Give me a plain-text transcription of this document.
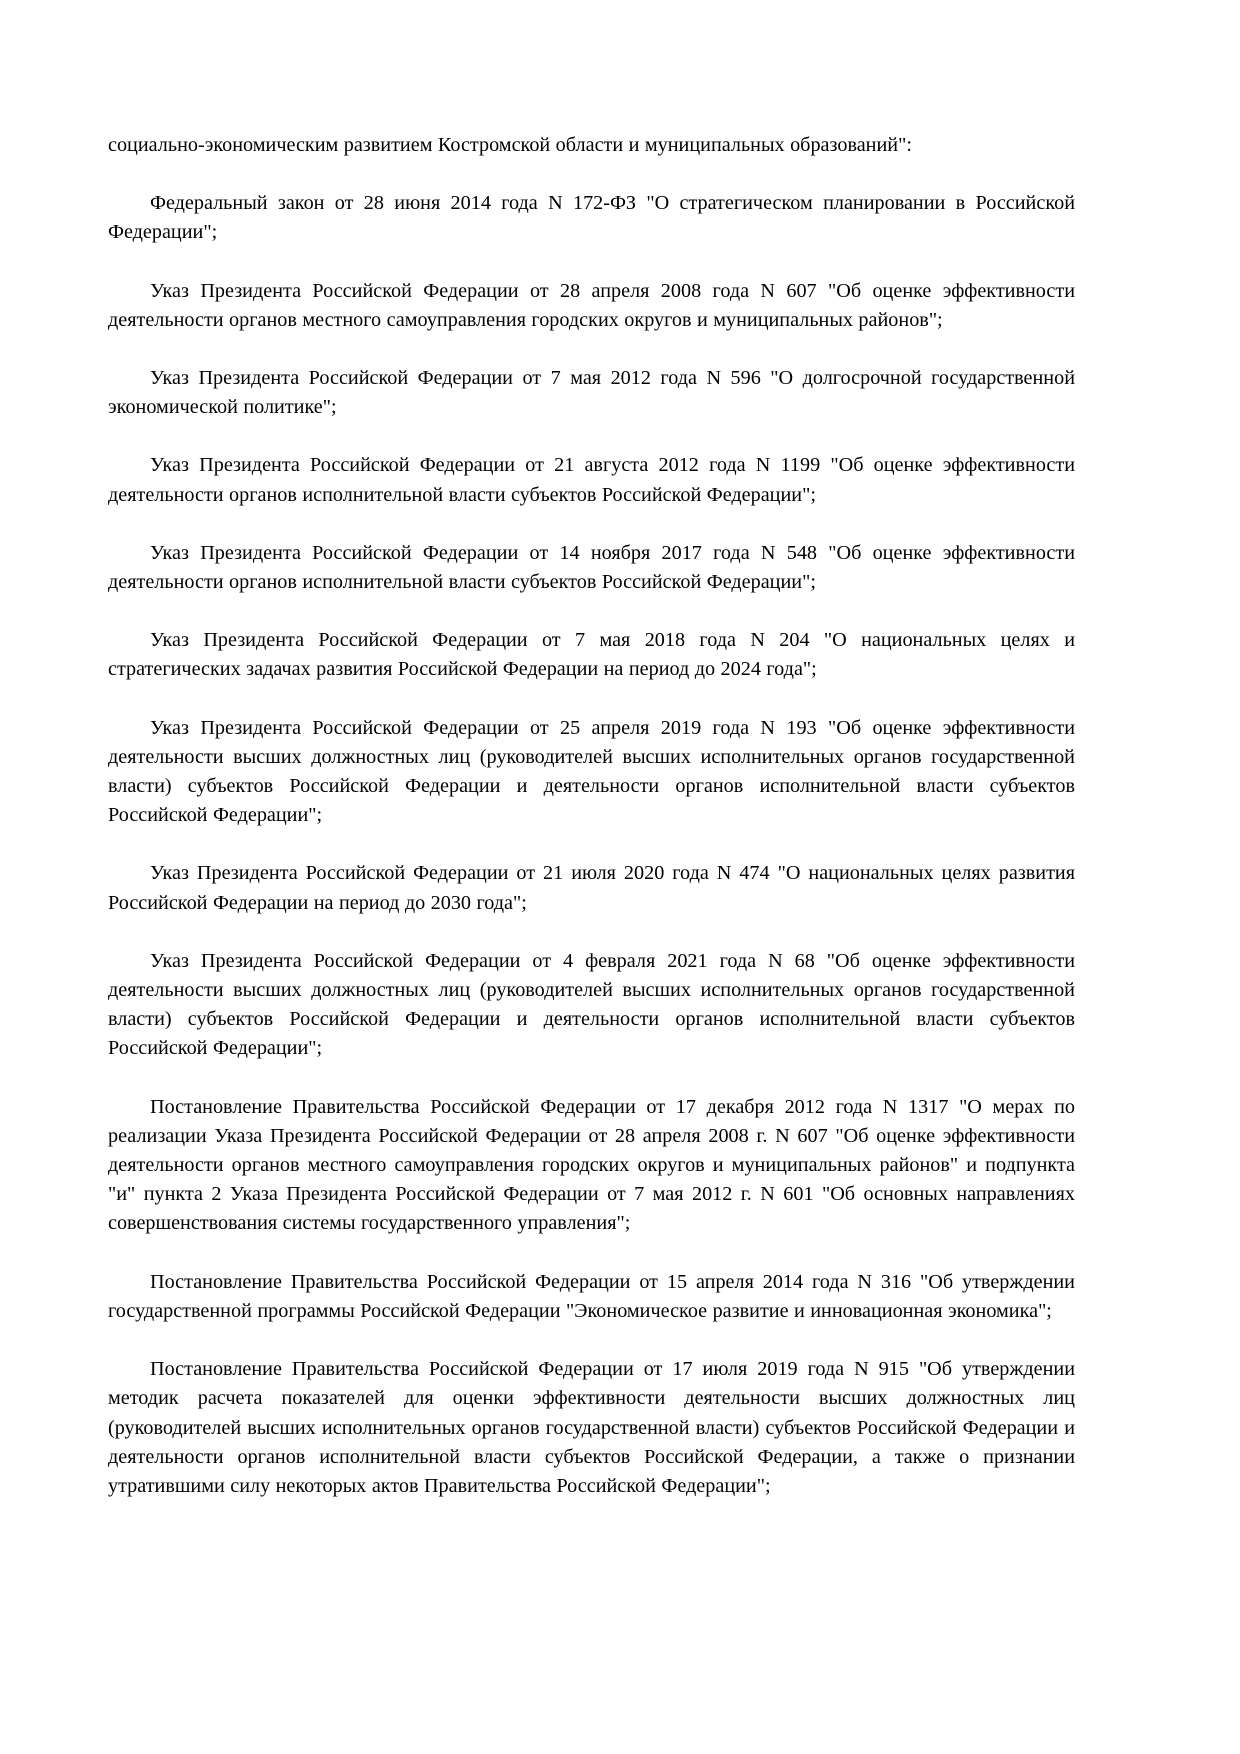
социально-экономическим развитием Костромской области и муниципальных образований":

Федеральный закон от 28 июня 2014 года N 172-ФЗ "О стратегическом планировании в Российской Федерации";

Указ Президента Российской Федерации от 28 апреля 2008 года N 607 "Об оценке эффективности деятельности органов местного самоуправления городских округов и муниципальных районов";

Указ Президента Российской Федерации от 7 мая 2012 года N 596 "О долгосрочной государственной экономической политике";

Указ Президента Российской Федерации от 21 августа 2012 года N 1199 "Об оценке эффективности деятельности органов исполнительной власти субъектов Российской Федерации";

Указ Президента Российской Федерации от 14 ноября 2017 года N 548 "Об оценке эффективности деятельности органов исполнительной власти субъектов Российской Федерации";

Указ Президента Российской Федерации от 7 мая 2018 года N 204 "О национальных целях и стратегических задачах развития Российской Федерации на период до 2024 года";

Указ Президента Российской Федерации от 25 апреля 2019 года N 193 "Об оценке эффективности деятельности высших должностных лиц (руководителей высших исполнительных органов государственной власти) субъектов Российской Федерации и деятельности органов исполнительной власти субъектов Российской Федерации";

Указ Президента Российской Федерации от 21 июля 2020 года N 474 "О национальных целях развития Российской Федерации на период до 2030 года";

Указ Президента Российской Федерации от 4 февраля 2021 года N 68 "Об оценке эффективности деятельности высших должностных лиц (руководителей высших исполнительных органов государственной власти) субъектов Российской Федерации и деятельности органов исполнительной власти субъектов Российской Федерации";

Постановление Правительства Российской Федерации от 17 декабря 2012 года N 1317 "О мерах по реализации Указа Президента Российской Федерации от 28 апреля 2008 г. N 607 "Об оценке эффективности деятельности органов местного самоуправления городских округов и муниципальных районов" и подпункта "и" пункта 2 Указа Президента Российской Федерации от 7 мая 2012 г. N 601 "Об основных направлениях совершенствования системы государственного управления";

Постановление Правительства Российской Федерации от 15 апреля 2014 года N 316 "Об утверждении государственной программы Российской Федерации "Экономическое развитие и инновационная экономика";

Постановление Правительства Российской Федерации от 17 июля 2019 года N 915 "Об утверждении методик расчета показателей для оценки эффективности деятельности высших должностных лиц (руководителей высших исполнительных органов государственной власти) субъектов Российской Федерации и деятельности органов исполнительной власти субъектов Российской Федерации, а также о признании утратившими силу некоторых актов Правительства Российской Федерации";
